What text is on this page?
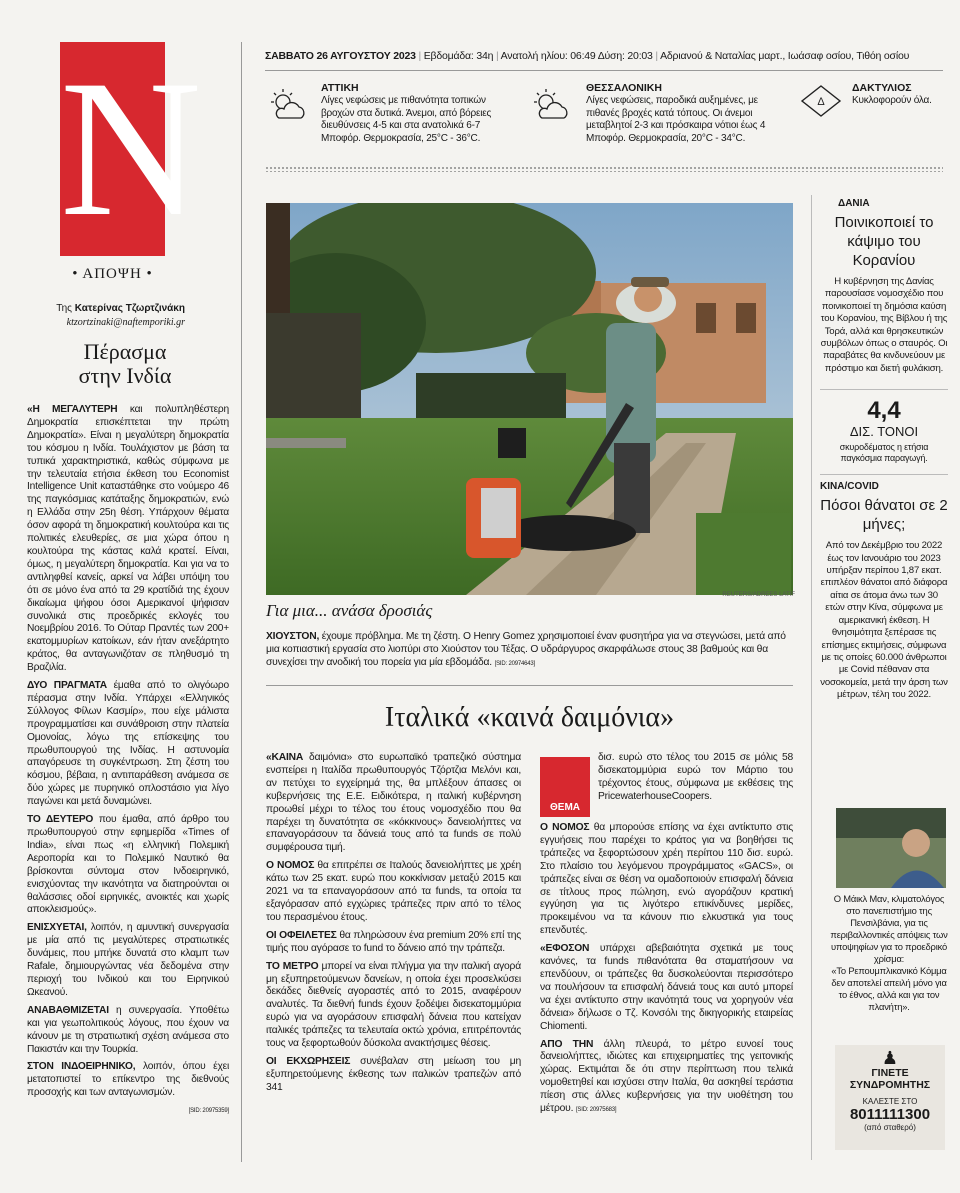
N
• ΑΠΟΨΗ •
Της Κατερίνας Τζωρτζινάκη
ktzortzinaki@naftemporiki.gr
Πέρασμα
στην Ινδία

«Η ΜΕΓΑΛΥΤΕΡΗ και πολυπληθέστερη Δημοκρατία επισκέπτεται την πρώτη Δημοκρατία». Είναι η μεγαλύτερη δημοκρατία του κόσμου η Ινδία. Τουλάχιστον με βάση τα τυπικά χαρακτηριστικά, καθώς σύμφωνα με την τελευταία ετήσια έκθεση του Economist Intelligence Unit καταστάθηκε στο νούμερο 46 της παγκόσμιας κατάταξης δημοκρατιών, ενώ η Ελλάδα στην 25η θέση. Υπάρχουν θέματα όσον αφορά τη δημοκρατική κουλτούρα και τις πολιτικές ελευθερίες, σε μια χώρα όπου η κουλτούρα της κάστας καλά κρατεί. Είναι, όμως, η μεγαλύτερη δημοκρατία. Και για να το αντιληφθεί κανείς, αρκεί να λάβει υπόψη του ότι σε μόνο ένα από τα 29 κρατίδιά της έχουν δικαίωμα ψήφου όσοι Αμερικανοί ψήφισαν συνολικά στις προεδρικές εκλογές του Νοεμβρίου 2016. Το Ούταρ Πραντές των 200+ εκατομμυρίων κατοίκων, εάν ήταν ανεξάρτητο κράτος, θα ανταγωνιζόταν σε πληθυσμό τη Βραζιλία.

ΔΥΟ ΠΡΑΓΜΑΤΑ έμαθα από το ολιγόωρο πέρασμα στην Ινδία. Υπάρχει «Ελληνικός Σύλλογος Φίλων Κασμίρ», που είχε μάλιστα προγραμματίσει και συνάθροιση στην πλατεία Ομονοίας, λόγω της επίσκεψης του πρωθυπουργού της Ινδίας. Η αστυνομία απαγόρευσε τη συγκέντρωση. Στη ζέστη του κόσμου, βέβαια, η αντιπαράθεση ανάμεσα σε δύο χώρες με πυρηνικό οπλοστάσιο για λίγο παγώνει και μετά δυναμώνει.

ΤΟ ΔΕΥΤΕΡΟ που έμαθα, από άρθρο του πρωθυπουργού στην εφημερίδα «Times of India», είναι πως «η ελληνική Πολεμική Αεροπορία και το Πολεμικό Ναυτικό θα βρίσκονται σύντομα στον Ινδοειρηνικό, ενισχύοντας την ικανότητα να διατηρούνται οι θαλάσσιες οδοί ειρηνικές, ανοικτές και χωρίς αποκλεισμούς».

ΕΝΙΣΧΥΕΤΑΙ, λοιπόν, η αμυντική συνεργασία με μία από τις μεγαλύτερες στρατιωτικές δυνάμεις, που μπήκε δυνατά στο κλαμπ των Rafale, δημιουργώντας νέα δεδομένα στην περιοχή του Ινδικού και του Ειρηνικού Ωκεανού.

ΑΝΑΒΑΘΜΙΖΕΤΑΙ η συνεργασία. Υποθέτω και για γεωπολιτικούς λόγους, που έχουν να κάνουν με τη στρατιωτική σχέση ανάμεσα στο Πακιστάν και την Τουρκία.

ΣΤΟΝ ΙΝΔΟΕΙΡΗΝΙΚΟ, λοιπόν, όπου έχει μετατοπιστεί το επίκεντρο της διεθνούς προσοχής και των ανταγωνισμών.

[SID: 20975359]
ΣΑΒΒΑΤΟ 26 ΑΥΓΟΥΣΤΟΥ 2023 | Εβδομάδα: 34η | Ανατολή ηλίου: 06:49 Δύση: 20:03 | Αδριανού & Ναταλίας μαρτ., Ιωάσαφ οσίου, Τιθόη οσίου
ΑΤΤΙΚΗ
Λίγες νεφώσεις με πιθανότητα τοπικών βροχών στα δυτικά. Άνεμοι, από βόρειες διευθύνσεις 4-5 και στα ανατολικά 6-7 Μποφόρ. Θερμοκρασία, 25°C - 36°C.
ΘΕΣΣΑΛΟΝΙΚΗ
Λίγες νεφώσεις, παροδικά αυξημένες, με πιθανές βροχές κατά τόπους. Οι άνεμοι μεταβλητοί 2-3 και πρόσκαιρα νότιοι έως 4 Μποφόρ. Θερμοκρασία, 20°C - 34°C.
Δ
ΔΑΚΤΥΛΙΟΣ
Κυκλοφορούν όλα.
REUTERS/ADREES LATIF
Για μια... ανάσα δροσιάς
ΧΙΟΥΣΤΟΝ, έχουμε πρόβλημα. Με τη ζέστη. Ο Henry Gomez χρησιμοποιεί έναν φυσητήρα για να στεγνώσει, μετά από μια κοπιαστική εργασία στο λιοπύρι στο Χιούστον του Τέξας. Ο υδράργυρος σκαρφάλωσε στους 38 βαθμούς και θα συνεχίσει την ανοδική του πορεία για μία εβδομάδα. [SID: 20974643]
Ιταλικά «καινά δαιμόνια»

«ΚΑΙΝΑ δαιμόνια» στο ευρωπαϊκό τραπεζικό σύστημα ενσπείρει η Ιταλίδα πρωθυπουργός Τζόρτζια Μελόνι και, αν πετύχει το εγχείρημά της, θα μπλέξουν άπασες οι κυβερνήσεις της Ε.Ε. Ειδικότερα, η ιταλική κυβέρνηση προωθεί μέχρι το τέλος του έτους νομοσχέδιο που θα παρέχει τη δυνατότητα σε «κόκκινους» δανειολήπτες να επαναγοράσουν τα δάνειά τους από τα funds σε πολύ συμφέρουσα τιμή.

Ο ΝΟΜΟΣ θα επιτρέπει σε Ιταλούς δανειολήπτες με χρέη κάτω των 25 εκατ. ευρώ που κοκκίνισαν μεταξύ 2015 και 2021 να τα επαναγοράσουν από τα funds, τα οποία τα εξαγόρασαν από εγχώριες τράπεζες πριν από το τέλος του περασμένου έτους.

ΟΙ ΟΦΕΙΛΕΤΕΣ θα πληρώσουν ένα premium 20% επί της τιμής που αγόρασε το fund το δάνειο από την τράπεζα.

ΤΟ ΜΕΤΡΟ μπορεί να είναι πλήγμα για την ιταλική αγορά μη εξυπηρετούμενων δανείων, η οποία έχει προσελκύσει δεκάδες διεθνείς αγοραστές από το 2015, αναφέρουν αναλυτές. Τα διεθνή funds έχουν ξοδέψει δισεκατομμύρια ευρώ για να αγοράσουν επισφαλή δάνεια που κατείχαν ιταλικές τράπεζες τα τελευταία οκτώ χρόνια, επιτρέποντάς τους να ξεφορτωθούν δύσκολα ανακτήσιμες θέσεις.

ΟΙ ΕΚΧΩΡΗΣΕΙΣ συνέβαλαν στη μείωση του μη εξυπηρετούμενης έκθεσης των ιταλικών τραπεζών από 341

ΘΕΜΑ

δισ. ευρώ στο τέλος του 2015 σε μόλις 58 δισεκατομμύρια ευρώ τον Μάρτιο του τρέχοντος έτους, σύμφωνα με εκθέσεις της PricewaterhouseCoopers.

Ο ΝΟΜΟΣ θα μπορούσε επίσης να έχει αντίκτυπο στις εγγυήσεις που παρέχει το κράτος για να βοηθήσει τις τράπεζες να ξεφορτώσουν χρέη περίπου 110 δισ. ευρώ. Στο πλαίσιο του λεγόμενου προγράμματος «GACS», οι τράπεζες είναι σε θέση να ομαδοποιούν επισφαλή δάνεια σε τίτλους προς πώληση, ενώ αγοράζουν κρατική εγγύηση για τις λιγότερο επικίνδυνες μερίδες, προκειμένου να τα κάνουν πιο ελκυστικά για τους επενδυτές.

«ΕΦΟΣΟΝ υπάρχει αβεβαιότητα σχετικά με τους κανόνες, τα funds πιθανότατα θα σταματήσουν να επενδύουν, οι τράπεζες θα δυσκολεύονται περισσότερο να πουλήσουν τα επισφαλή δάνειά τους και αυτό μπορεί να έχει αντίκτυπο στην ικανότητά τους να χορηγούν νέα δάνεια» δήλωσε ο Τζ. Κονσόλι της δικηγορικής εταιρείας Chiomenti.

ΑΠΟ ΤΗΝ άλλη πλευρά, το μέτρο ευνοεί τους δανειολήπτες, ιδιώτες και επιχειρηματίες της γειτονικής χώρας. Εκτιμάται δε ότι στην περίπτωση που τελικά νομοθετηθεί και ισχύσει στην Ιταλία, θα ασκηθεί τεράστια πίεση στις άλλες κυβερνήσεις για την υιοθέτηση του μέτρου. [SID: 20975683]

ΔΑΝΙΑ
Ποινικοποιεί το κάψιμο του Κορανίου
Η κυβέρνηση της Δανίας παρουσίασε νομοσχέδιο που ποινικοποιεί τη δημόσια καύση του Κορανίου, της Βίβλου ή της Τορά, αλλά και θρησκευτικών συμβόλων όπως ο σταυρός. Οι παραβάτες θα κινδυνεύουν με πρόστιμο και διετή φυλάκιση.
4,4
ΔΙΣ. ΤΟΝΟΙ
σκυροδέματος η ετήσια παγκόσμια παραγωγή.
ΚΙΝΑ/COVID
Πόσοι θάνατοι σε 2 μήνες;
Από τον Δεκέμβριο του 2022 έως τον Ιανουάριο του 2023 υπήρξαν περίπου 1,87 εκατ. επιπλέον θάνατοι από διάφορα αίτια σε άτομα άνω των 30 ετών στην Κίνα, σύμφωνα με αμερικανική έκθεση. Η θνησιμότητα ξεπέρασε τις επίσημες εκτιμήσεις, σύμφωνα με τις οποίες 60.000 άνθρωποι με Covid πέθαναν στα νοσοκομεία, μετά την άρση των μέτρων, τέλη του 2022.
Ο Μάικλ Μαν, κλιματολόγος στο πανεπιστήμιο της Πενσιλβάνια, για τις περιβαλλοντικές απόψεις των υποψηφίων για το προεδρικό χρίσμα:
«Το Ρεπουμπλικανικό Κόμμα δεν αποτελεί απειλή μόνο για το έθνος, αλλά και για τον πλανήτη».
♟
ΓΙΝΕΤΕ ΣΥΝΔΡΟΜΗΤΗΣ
ΚΑΛΕΣΤΕ ΣΤΟ
8011111300
(από σταθερό)
